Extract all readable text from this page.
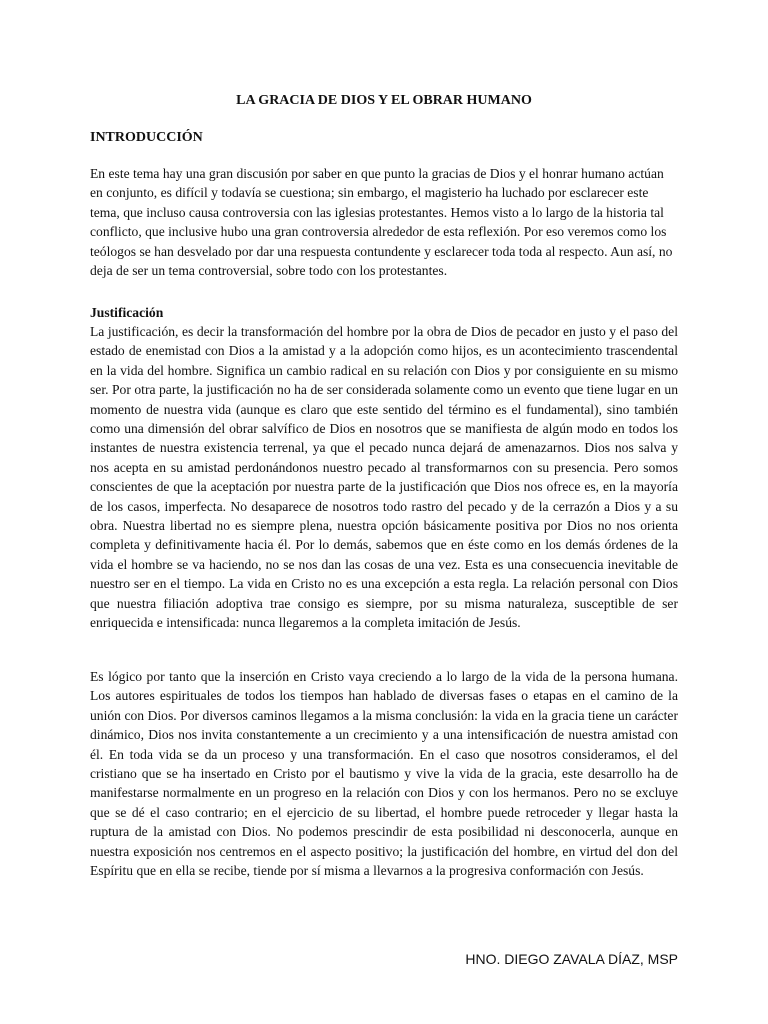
LA GRACIA DE DIOS Y EL OBRAR HUMANO
INTRODUCCIÓN

En este tema hay una gran discusión por saber en que punto la gracias de Dios y el honrar humano actúan en conjunto, es difícil y todavía se cuestiona; sin embargo, el magisterio ha luchado por esclarecer este tema, que incluso causa controversia con las iglesias protestantes. Hemos visto a lo largo de la historia tal conflicto, que inclusive hubo una gran controversia alrededor de esta reflexión. Por eso veremos como los teólogos se han desvelado por dar una respuesta contundente y esclarecer toda toda al respecto. Aun así, no deja de ser un tema controversial, sobre todo con los protestantes.

Justificación

La justificación, es decir la transformación del hombre por la obra de Dios de pecador en justo y el paso del estado de enemistad con Dios a la amistad y a la adopción como hijos, es un acontecimiento trascendental en la vida del hombre. Significa un cambio radical en su relación con Dios y por consiguiente en su mismo ser. Por otra parte, la justificación no ha de ser considerada solamente como un evento que tiene lugar en un momento de nuestra vida (aunque es claro que este sentido del término es el fundamental), sino también como una dimensión del obrar salvífico de Dios en nosotros que se manifiesta de algún modo en todos los instantes de nuestra existencia terrenal, ya que el pecado nunca dejará de amenazarnos. Dios nos salva y nos acepta en su amistad perdonándonos nuestro pecado al transformarnos con su presencia. Pero somos conscientes de que la aceptación por nuestra parte de la justificación que Dios nos ofrece es, en la mayoría de los casos, imperfecta. No desaparece de nosotros todo rastro del pecado y de la cerrazón a Dios y a su obra. Nuestra libertad no es siempre plena, nuestra opción básicamente positiva por Dios no nos orienta completa y definitivamente hacia él. Por lo demás, sabemos que en éste como en los demás órdenes de la vida el hombre se va haciendo, no se nos dan las cosas de una vez. Esta es una consecuencia inevitable de nuestro ser en el tiempo. La vida en Cristo no es una excepción a esta regla. La relación personal con Dios que nuestra filiación adoptiva trae consigo es siempre, por su misma naturaleza, susceptible de ser enriquecida e intensificada: nunca llegaremos a la completa imitación de Jesús.

Es lógico por tanto que la inserción en Cristo vaya creciendo a lo largo de la vida de la persona humana. Los autores espirituales de todos los tiempos han hablado de diversas fases o etapas en el camino de la unión con Dios. Por diversos caminos llegamos a la misma conclusión: la vida en la gracia tiene un carácter dinámico, Dios nos invita constantemente a un crecimiento y a una intensificación de nuestra amistad con él. En toda vida se da un proceso y una transformación. En el caso que nosotros consideramos, el del cristiano que se ha insertado en Cristo por el bautismo y vive la vida de la gracia, este desarrollo ha de manifestarse normalmente en un progreso en la relación con Dios y con los hermanos. Pero no se excluye que se dé el caso contrario; en el ejercicio de su libertad, el hombre puede retroceder y llegar hasta la ruptura de la amistad con Dios. No podemos prescindir de esta posibilidad ni desconocerla, aunque en nuestra exposición nos centremos en el aspecto positivo; la justificación del hombre, en virtud del don del Espíritu que en ella se recibe, tiende por sí misma a llevarnos a la progresiva conformación con Jesús.

HNO. DIEGO ZAVALA DÍAZ, MSP
